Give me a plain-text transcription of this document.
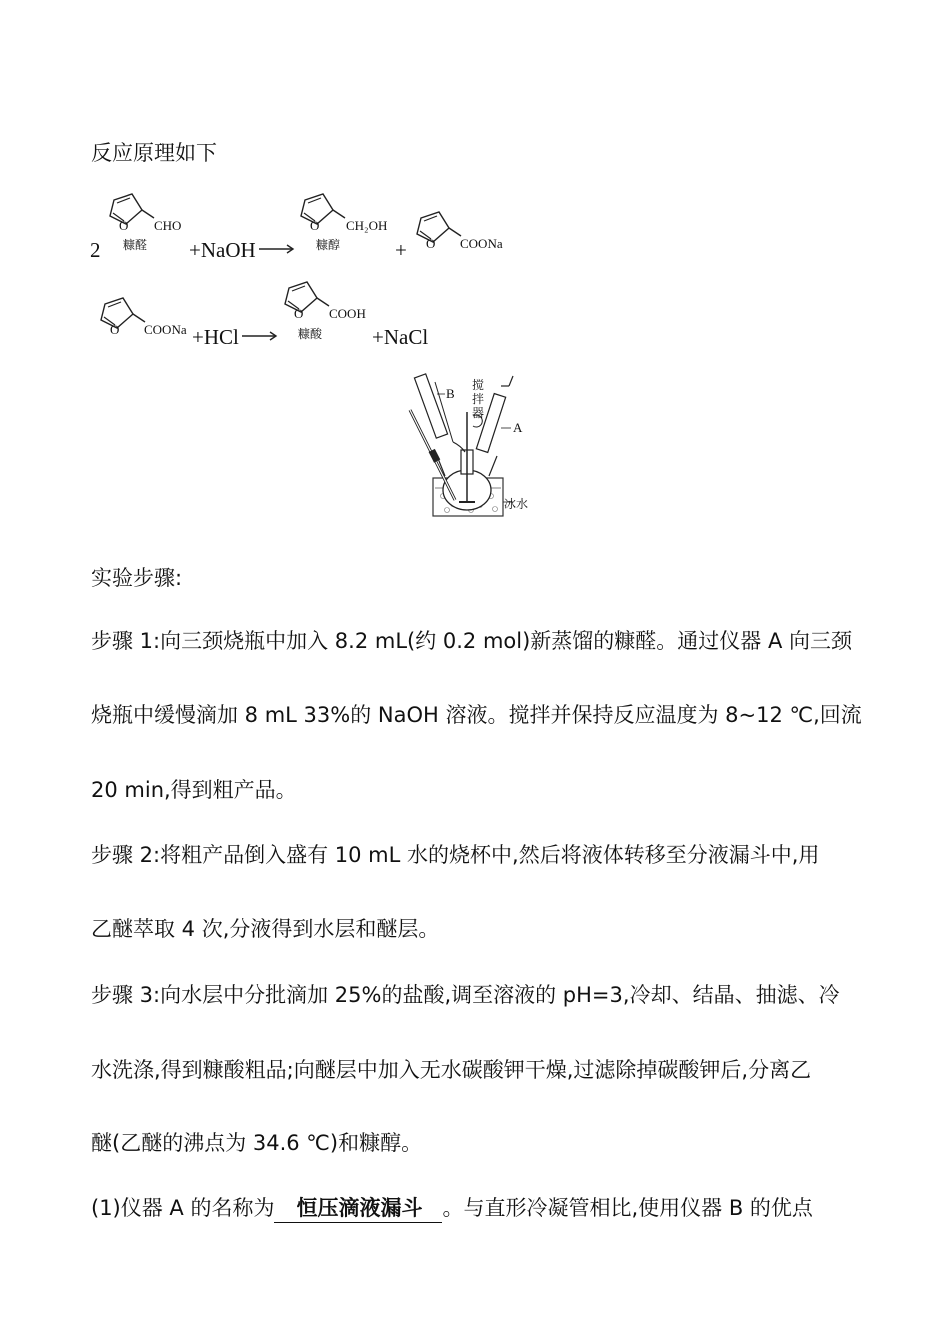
反应原理如下
2
O CHO
糠醛 +NaOH →
O CH₂OH
糠醇	+ O COONa
O COONa +HCl →
O COOH
糠酸 +NaCl
B
搅
拌
器
A
冰水
实验步骤:
步骤 1:向三颈烧瓶中加入 8.2 mL(约 0.2 mol)新蒸馏的糠醛。通过仪器 A 向三颈
烧瓶中缓慢滴加 8 mL 33%的 NaOH 溶液。搅拌并保持反应温度为 8~12 ℃,回流
20 min,得到粗产品。
步骤 2:将粗产品倒入盛有 10 mL 水的烧杯中,然后将液体转移至分液漏斗中,用
乙醚萃取 4 次,分液得到水层和醚层。
步骤 3:向水层中分批滴加 25%的盐酸,调至溶液的 pH=3,冷却、结晶、抽滤、冷
水洗涤,得到糠酸粗品;向醚层中加入无水碳酸钾干燥,过滤除掉碳酸钾后,分离乙
醚(乙醚的沸点为 34.6 ℃)和糠醇。
(1)仪器 A 的名称为 恒压滴液漏斗 。与直形冷凝管相比,使用仪器 B 的优点
